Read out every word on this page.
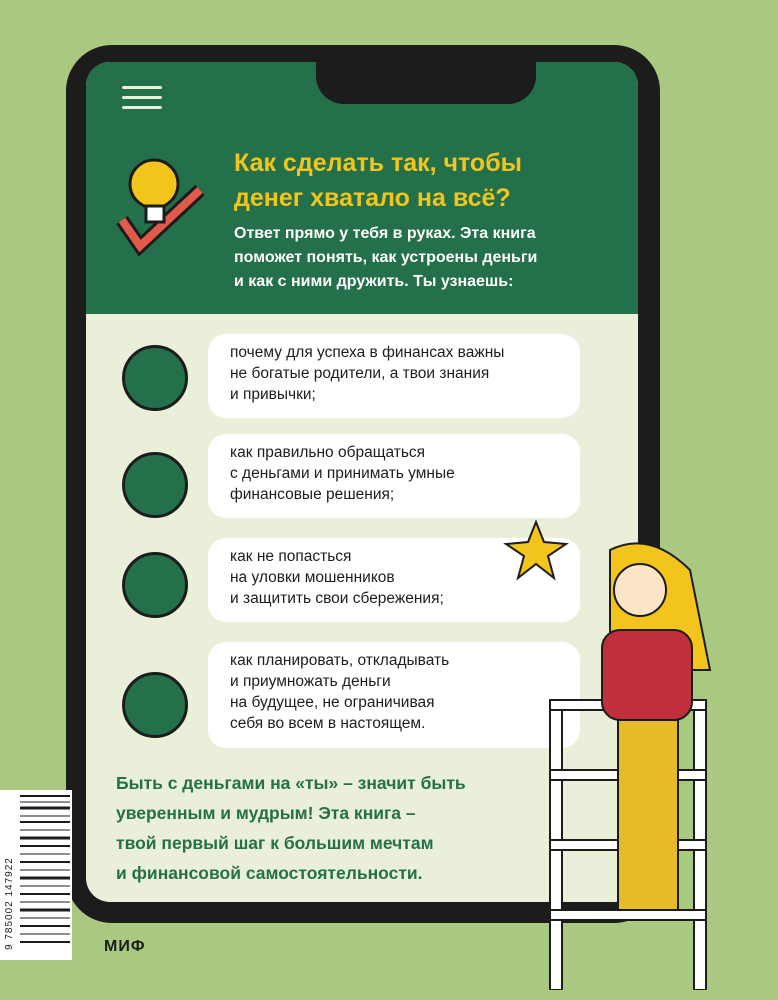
Как сделать так, чтобы
денег хватало на всё?
Ответ прямо у тебя в руках. Эта книга
поможет понять, как устроены деньги
и как с ними дружить. Ты узнаешь:
почему для успеха в финансах важны
не богатые родители, а твои знания
и привычки;
как правильно обращаться
с деньгами и принимать умные
финансовые решения;
как не попасться
на уловки мошенников
и защитить свои сбережения;
как планировать, откладывать
и приумножать деньги
на будущее, не ограничивая
себя во всем в настоящем.
Быть с деньгами на «ты» – значит быть
уверенным и мудрым! Эта книга –
твой первый шаг к большим мечтам
и финансовой самостоятельности.
9 785002 147922	МИФ
